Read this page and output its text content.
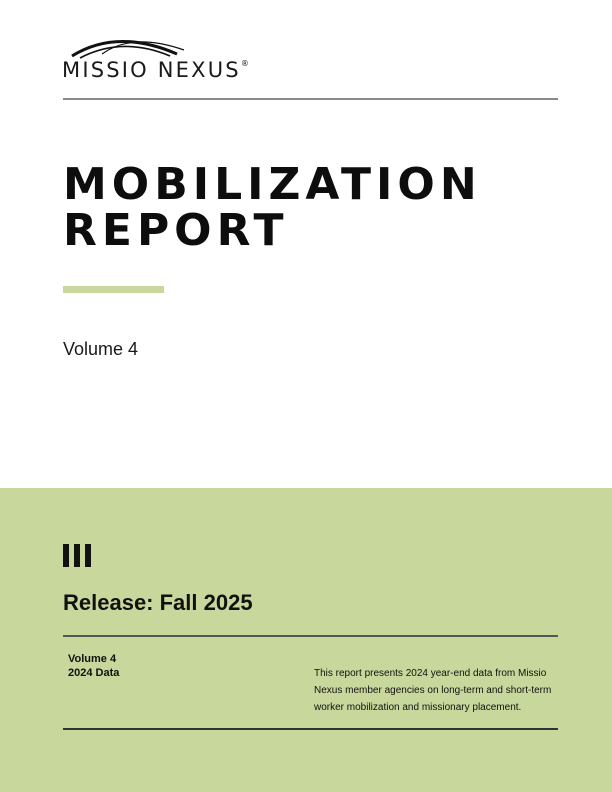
MISSIO NEXUS®
MOBILIZATION
REPORT
Volume 4
Release: Fall 2025
Volume 4
2024 Data	This report presents 2024 year-end data from Missio Nexus member agencies on long-term and short-term worker mobilization and missionary placement.
